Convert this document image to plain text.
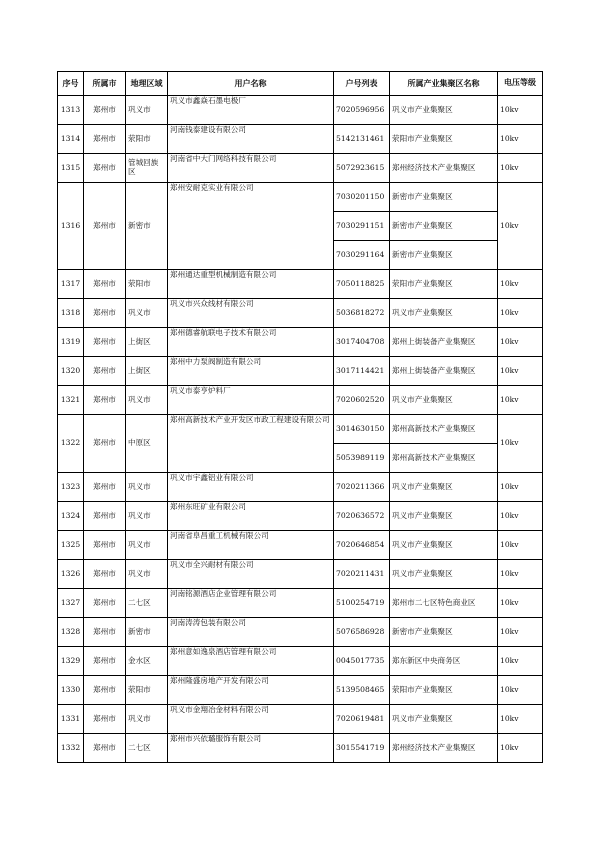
序号	所属市	地理区域	用户名称	户号列表	所属产业集聚区名称	电压等级
1313	郑州市	巩义市	巩义市鑫焱石墨电极厂	7020596956	巩义市产业集聚区	10kv
1314	郑州市	荥阳市	河南钱泰建设有限公司	5142131461	荥阳市产业集聚区	10kv
1315	郑州市	管城回族区	河南省中大门网络科技有限公司	5072923615	郑州经济技术产业集聚区	10kv
1316	郑州市	新密市	郑州安耐克实业有限公司	7030201150	新密市产业集聚区	10kv
				7030291151	新密市产业集聚区	
				7030291164	新密市产业集聚区	
1317	郑州市	荥阳市	郑州通达重型机械制造有限公司	7050118825	荥阳市产业集聚区	10kv
1318	郑州市	巩义市	巩义市兴众线材有限公司	5036818272	巩义市产业集聚区	10kv
1319	郑州市	上街区	郑州德睿航联电子技术有限公司	3017404708	郑州上街装备产业集聚区	10kv
1320	郑州市	上街区	郑州中力泵阀制造有限公司	3017114421	郑州上街装备产业集聚区	10kv
1321	郑州市	巩义市	巩义市泰亨炉料厂	7020602520	巩义市产业集聚区	10kv
1322	郑州市	中原区	郑州高新技术产业开发区市政工程建设有限公司	3014630150	郑州高新技术产业集聚区	10kv
				5053989119	郑州高新技术产业集聚区	
1323	郑州市	巩义市	巩义市宇鑫铝业有限公司	7020211366	巩义市产业集聚区	10kv
1324	郑州市	巩义市	郑州东旺矿业有限公司	7020636572	巩义市产业集聚区	10kv
1325	郑州市	巩义市	河南省阜昌重工机械有限公司	7020646854	巩义市产业集聚区	10kv
1326	郑州市	巩义市	巩义市全兴耐材有限公司	7020211431	巩义市产业集聚区	10kv
1327	郑州市	二七区	河南铭源酒店企业管理有限公司	5100254719	郑州市二七区特色商业区	10kv
1328	郑州市	新密市	河南涛涛包装有限公司	5076586928	新密市产业集聚区	10kv
1329	郑州市	金水区	郑州意如逸泉酒店管理有限公司	0045017735	郑东新区中央商务区	10kv
1330	郑州市	荥阳市	郑州隆盛房地产开发有限公司	5139508465	荥阳市产业集聚区	10kv
1331	郑州市	巩义市	巩义市金翔冶金材料有限公司	7020619481	巩义市产业集聚区	10kv
1332	郑州市	二七区	郑州市兴依璐服饰有限公司	3015541719	郑州经济技术产业集聚区	10kv
